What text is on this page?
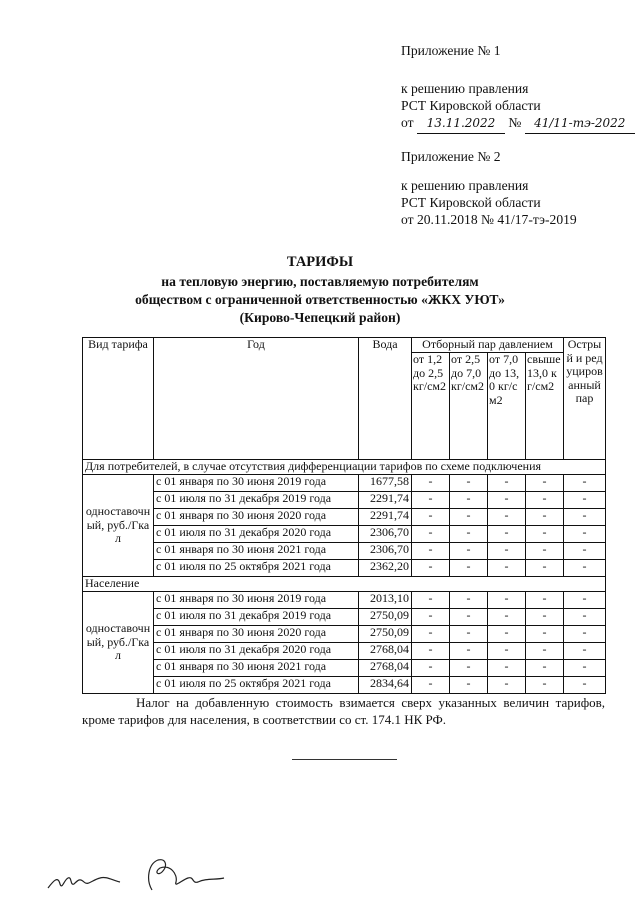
Приложение № 1
к решению правления
РСТ Кировской области
от 13.11.2022 № 41/11-тэ-2022
Приложение № 2
к решению правления
РСТ Кировской области
от 20.11.2018 № 41/17-тэ-2019
ТАРИФЫ
на тепловую энергию, поставляемую потребителям
обществом с ограниченной ответственностью «ЖКХ УЮТ»
(Кирово-Чепецкий район)
Вид тарифа	Год	Вода	Отборный пар давлением				Острый и редуцированный пар
			от 1,2 до 2,5 кг/см2	от 2,5 до 7,0 кг/см2	от 7,0 до 13,0 кг/см2	свыше 13,0 кг/см2	
Для потребителей, в случае отсутствия дифференциации тарифов по схеме подключения							
одноставочный, руб./Гкал	с 01 января по 30 июня 2019 года	1677,58	-	-	-	-	-
	с 01 июля по 31 декабря 2019 года	2291,74	-	-	-	-	-
	с 01 января по 30 июня 2020 года	2291,74	-	-	-	-	-
	с 01 июля по 31 декабря 2020 года	2306,70	-	-	-	-	-
	с 01 января по 30 июня 2021 года	2306,70	-	-	-	-	-
	с 01 июля по 25 октября 2021 года	2362,20	-	-	-	-	-
Население							
одноставочный, руб./Гкал	с 01 января по 30 июня 2019 года	2013,10	-	-	-	-	-
	с 01 июля по 31 декабря 2019 года	2750,09	-	-	-	-	-
	с 01 января по 30 июня 2020 года	2750,09	-	-	-	-	-
	с 01 июля по 31 декабря 2020 года	2768,04	-	-	-	-	-
	с 01 января по 30 июня 2021 года	2768,04	-	-	-	-	-
	с 01 июля по 25 октября 2021 года	2834,64	-	-	-	-	-
Налог на добавленную стоимость взимается сверх указанных величин тарифов, кроме тарифов для населения, в соответствии со ст. 174.1 НК РФ.
